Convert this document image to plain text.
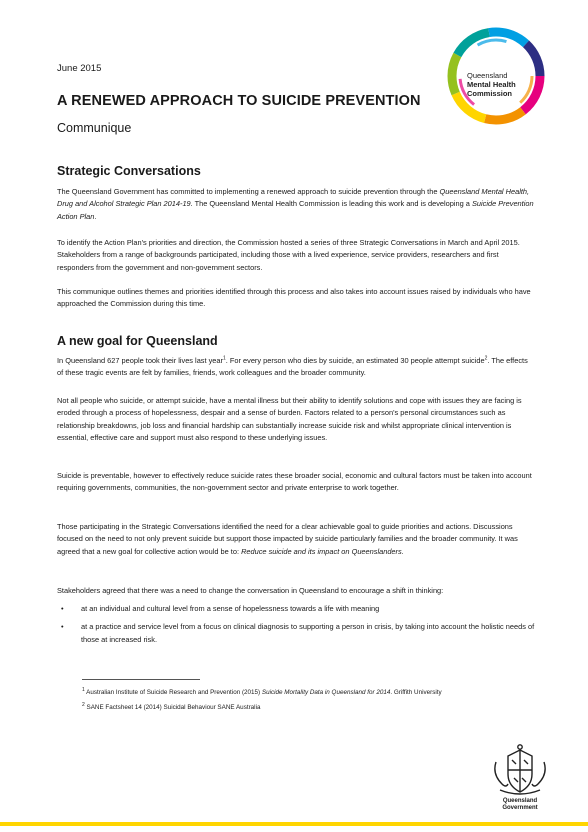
June 2015
A RENEWED APPROACH TO SUICIDE PREVENTION
Communique
Queensland
Mental Health
Commission
Strategic Conversations

The Queensland Government has committed to implementing a renewed approach to suicide prevention through the Queensland Mental Health, Drug and Alcohol Strategic Plan 2014-19. The Queensland Mental Health Commission is leading this work and is developing a Suicide Prevention Action Plan.

To identify the Action Plan's priorities and direction, the Commission hosted a series of three Strategic Conversations in March and April 2015. Stakeholders from a range of backgrounds participated, including those with a lived experience, service providers, researchers and first responders from the government and non-government sectors.

This communique outlines themes and priorities identified through this process and also takes into account issues raised by individuals who have approached the Commission during this time.

A new goal for Queensland

In Queensland 627 people took their lives last year$^1$. For every person who dies by suicide, an estimated 30 people attempt suicide$^2$. The effects of these tragic events are felt by families, friends, work colleagues and the broader community.

Not all people who suicide, or attempt suicide, have a mental illness but their ability to identify solutions and cope with issues they are facing is eroded through a process of hopelessness, despair and a sense of burden. Factors related to a person's personal circumstances such as relationship breakdowns, job loss and financial hardship can substantially increase suicide risk and whilst appropriate clinical intervention is essential, effective care and support must also respond to these underlying issues.

Suicide is preventable, however to effectively reduce suicide rates these broader social, economic and cultural factors must be taken into account requiring governments, communities, the non-government sector and private enterprise to work together.

Those participating in the Strategic Conversations identified the need for a clear achievable goal to guide priorities and actions. Discussions focused on the need to not only prevent suicide but support those impacted by suicide particularly families and the broader community. It was agreed that a new goal for collective action would be to: Reduce suicide and its impact on Queenslanders.

Stakeholders agreed that there was a need to change the conversation in Queensland to encourage a shift in thinking:

• at an individual and cultural level from a sense of hopelessness towards a life with meaning
• at a practice and service level from a focus on clinical diagnosis to supporting a person in crisis, by taking into account the holistic needs of those at increased risk.
$^1$ Australian Institute of Suicide Research and Prevention (2015) Suicide Mortality Data in Queensland for 2014. Griffith University
$^2$ SANE Factsheet 14 (2014) Suicidal Behaviour SANE Australia
Queensland
Government
